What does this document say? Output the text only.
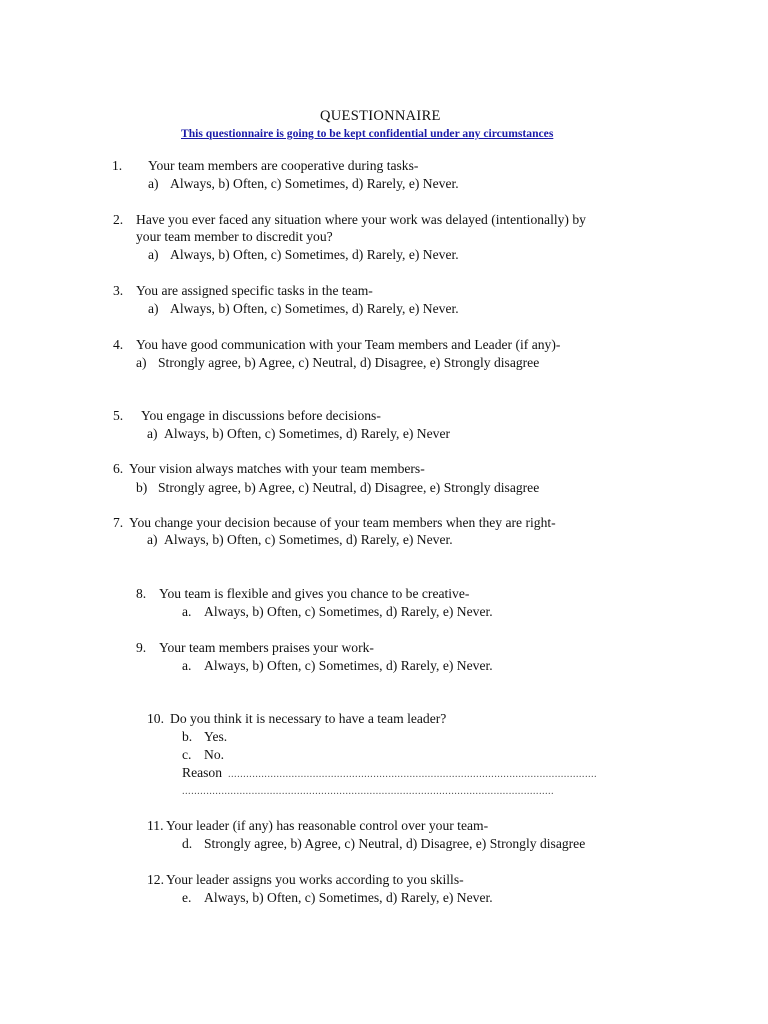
QUESTIONNAIRE
This questionnaire is going to be kept confidential under any circumstances
1. Your team members are cooperative during tasks-
a) Always, b) Often, c) Sometimes, d) Rarely, e) Never.
2. Have you ever faced any situation where your work was delayed (intentionally) by
your team member to discredit you?
a) Always, b) Often, c) Sometimes, d) Rarely, e) Never.
3. You are assigned specific tasks in the team-
a) Always, b) Often, c) Sometimes, d) Rarely, e) Never.
4. You have good communication with your Team members and Leader (if any)-
a) Strongly agree, b) Agree, c) Neutral, d) Disagree, e) Strongly disagree
5. You engage in discussions before decisions-
a) Always, b) Often, c) Sometimes, d) Rarely, e) Never
6. Your vision always matches with your team members-
b) Strongly agree, b) Agree, c) Neutral, d) Disagree, e) Strongly disagree
7. You change your decision because of your team members when they are right-
a) Always, b) Often, c) Sometimes, d) Rarely, e) Never.
8. You team is flexible and gives you chance to be creative-
a. Always, b) Often, c) Sometimes, d) Rarely, e) Never.
9. Your team members praises your work-
a. Always, b) Often, c) Sometimes, d) Rarely, e) Never.
10. Do you think it is necessary to have a team leader?
b. Yes.
c. No.
Reason ..........................................................................................................................
...........................................................................................................................
11. Your leader (if any) has reasonable control over your team-
d. Strongly agree, b) Agree, c) Neutral, d) Disagree, e) Strongly disagree
12. Your leader assigns you works according to you skills-
e. Always, b) Often, c) Sometimes, d) Rarely, e) Never.
